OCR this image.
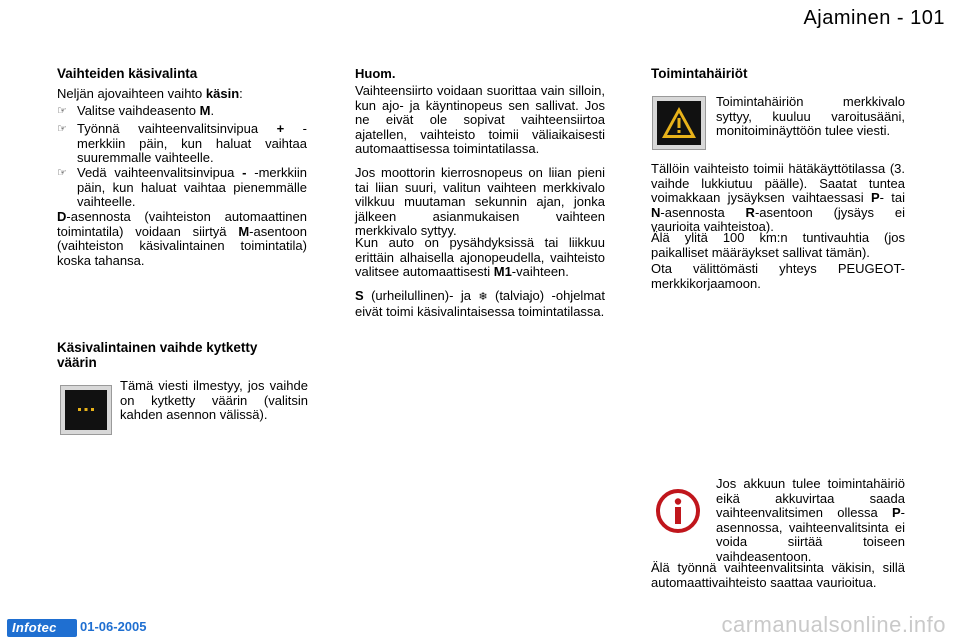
Ajaminen - 101
Vaihteiden käsivalinta
Neljän ajovaihteen vaihto käsin:
☞ Valitse vaihdeasento M.
☞ Työnnä vaihteenvalitsinvipua + -merkkiin päin, kun haluat vaihtaa suuremmalle vaihteelle.
☞ Vedä vaihteenvalitsinvipua - -merkkiin päin, kun haluat vaihtaa pienemmälle vaihteelle.
D-asennosta (vaihteiston automaattinen toimintatila) voidaan siirtyä M-asentoon (vaihteiston käsivalintainen toimintatila) koska tahansa.
Käsivalintainen vaihde kytketty väärin
Tämä viesti ilmestyy, jos vaihde on kytketty väärin (valitsin kahden asennon välissä).
Huom.
Vaihteensiirto voidaan suorittaa vain silloin, kun ajo- ja käyntinopeus sen sallivat. Jos ne eivät ole sopivat vaihteensiirtoa ajatellen, vaihteisto toimii väliaikaisesti automaattisessa toimintatilassa.
Jos moottorin kierrosnopeus on liian pieni tai liian suuri, valitun vaihteen merkkivalo vilkkuu muutaman sekunnin ajan, jonka jälkeen asianmukaisen vaihteen merkkivalo syttyy.
Kun auto on pysähdyksissä tai liikkuu erittäin alhaisella ajonopeudella, vaihteisto valitsee automaattisesti M1-vaihteen.
S (urheilullinen)- ja ❄ (talviajo) -ohjelmat eivät toimi käsivalintaisessa toimintatilassa.
Toimintahäiriöt
Toimintahäiriön merkkivalo syttyy, kuuluu varoitusääni, monitoiminäyttöön tulee viesti.
Tällöin vaihteisto toimii hätäkäyttötilassa (3. vaihde lukkiutuu päälle). Saatat tuntea voimakkaan jysäyksen vaihtaessasi P- tai N-asennosta R-asentoon (jysäys ei vaurioita vaihteistoa).
Älä ylitä 100 km:n tuntivauhtia (jos paikalliset määräykset sallivat tämän).
Ota välittömästi yhteys PEUGEOT-merkkikorjaamoon.
Jos akkuun tulee toimintahäiriö eikä akkuvirtaa saada vaihteenvalitsimen ollessa P-asennossa, vaihteenvalitsinta ei voida siirtää toiseen vaihdeasentoon.
Älä työnnä vaihteenvalitsinta väkisin, sillä automaattivaihteisto saattaa vaurioitua.
Infotec 01-06-2005	carmanualsonline.info
